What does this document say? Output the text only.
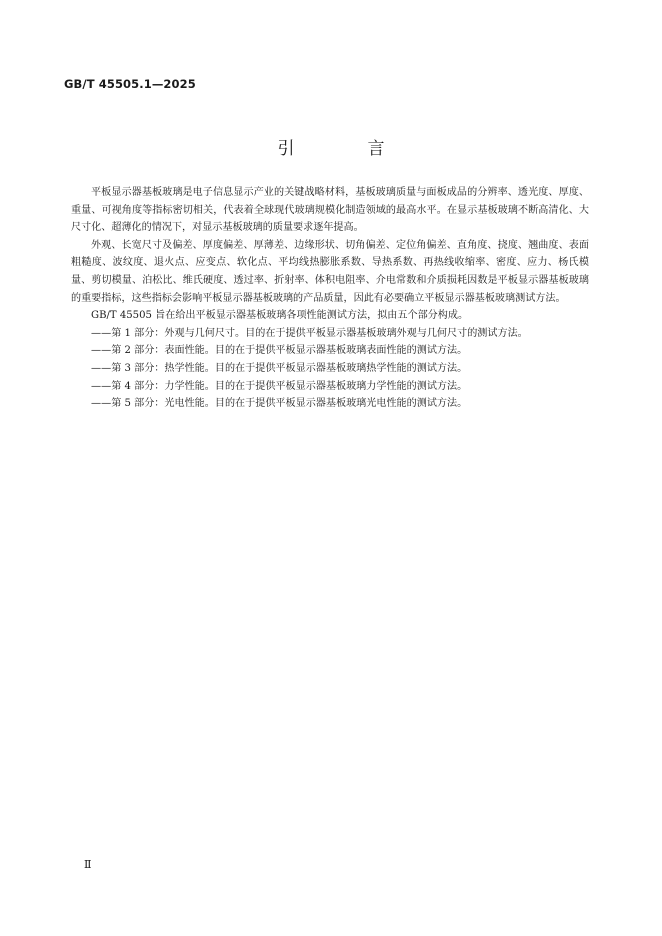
GB/T 45505.1—2025
引　言

平板显示器基板玻璃是电子信息显示产业的关键战略材料，基板玻璃质量与面板成品的分辨率、透光度、厚度、重量、可视角度等指标密切相关，代表着全球现代玻璃规模化制造领域的最高水平。在显示基板玻璃不断高清化、大尺寸化、超薄化的情况下，对显示基板玻璃的质量要求逐年提高。

外观、长宽尺寸及偏差、厚度偏差、厚薄差、边缘形状、切角偏差、定位角偏差、直角度、挠度、翘曲度、表面粗糙度、波纹度、退火点、应变点、软化点、平均线热膨胀系数、导热系数、再热线收缩率、密度、应力、杨氏模量、剪切模量、泊松比、维氏硬度、透过率、折射率、体积电阻率、介电常数和介质损耗因数是平板显示器基板玻璃的重要指标，这些指标会影响平板显示器基板玻璃的产品质量，因此有必要确立平板显示器基板玻璃测试方法。

GB/T 45505 旨在给出平板显示器基板玻璃各项性能测试方法，拟由五个部分构成。

——第 1 部分：外观与几何尺寸。目的在于提供平板显示器基板玻璃外观与几何尺寸的测试方法。

——第 2 部分：表面性能。目的在于提供平板显示器基板玻璃表面性能的测试方法。

——第 3 部分：热学性能。目的在于提供平板显示器基板玻璃热学性能的测试方法。

——第 4 部分：力学性能。目的在于提供平板显示器基板玻璃力学性能的测试方法。

——第 5 部分：光电性能。目的在于提供平板显示器基板玻璃光电性能的测试方法。

Ⅱ
